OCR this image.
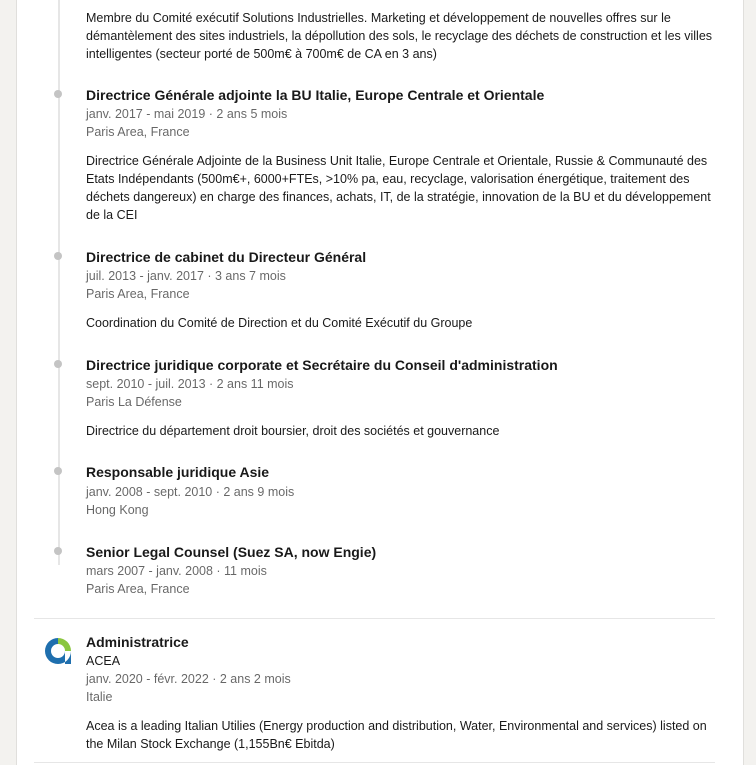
Membre du Comité exécutif Solutions Industrielles. Marketing et développement de nouvelles offres sur le démantèlement des sites industriels, la dépollution des sols, le recyclage des déchets de construction et les villes intelligentes (secteur porté de 500m€ à 700m€ de CA en 3 ans)

Directrice Générale adjointe la BU Italie, Europe Centrale et Orientale

janv. 2017 - mai 2019 · 2 ans 5 mois

Paris Area, France

Directrice Générale Adjointe de la Business Unit Italie, Europe Centrale et Orientale, Russie & Communauté des Etats Indépendants (500m€+, 6000+FTEs, >10% pa, eau, recyclage, valorisation énergétique, traitement des déchets dangereux) en charge des finances, achats, IT, de la stratégie, innovation de la BU et du développement de la CEI

Directrice de cabinet du Directeur Général

juil. 2013 - janv. 2017 · 3 ans 7 mois

Paris Area, France

Coordination du Comité de Direction et du Comité Exécutif du Groupe

Directrice juridique corporate et Secrétaire du Conseil d'administration

sept. 2010 - juil. 2013 · 2 ans 11 mois

Paris La Défense

Directrice du département droit boursier, droit des sociétés et gouvernance

Responsable juridique Asie

janv. 2008 - sept. 2010 · 2 ans 9 mois

Hong Kong

Senior Legal Counsel (Suez SA, now Engie)

mars 2007 - janv. 2008 · 11 mois

Paris Area, France

Administratrice

ACEA

janv. 2020 - févr. 2022 · 2 ans 2 mois

Italie

Acea is a leading Italian Utilies (Energy production and distribution, Water, Environmental and services) listed on the Milan Stock Exchange (1,155Bn€ Ebitda)
